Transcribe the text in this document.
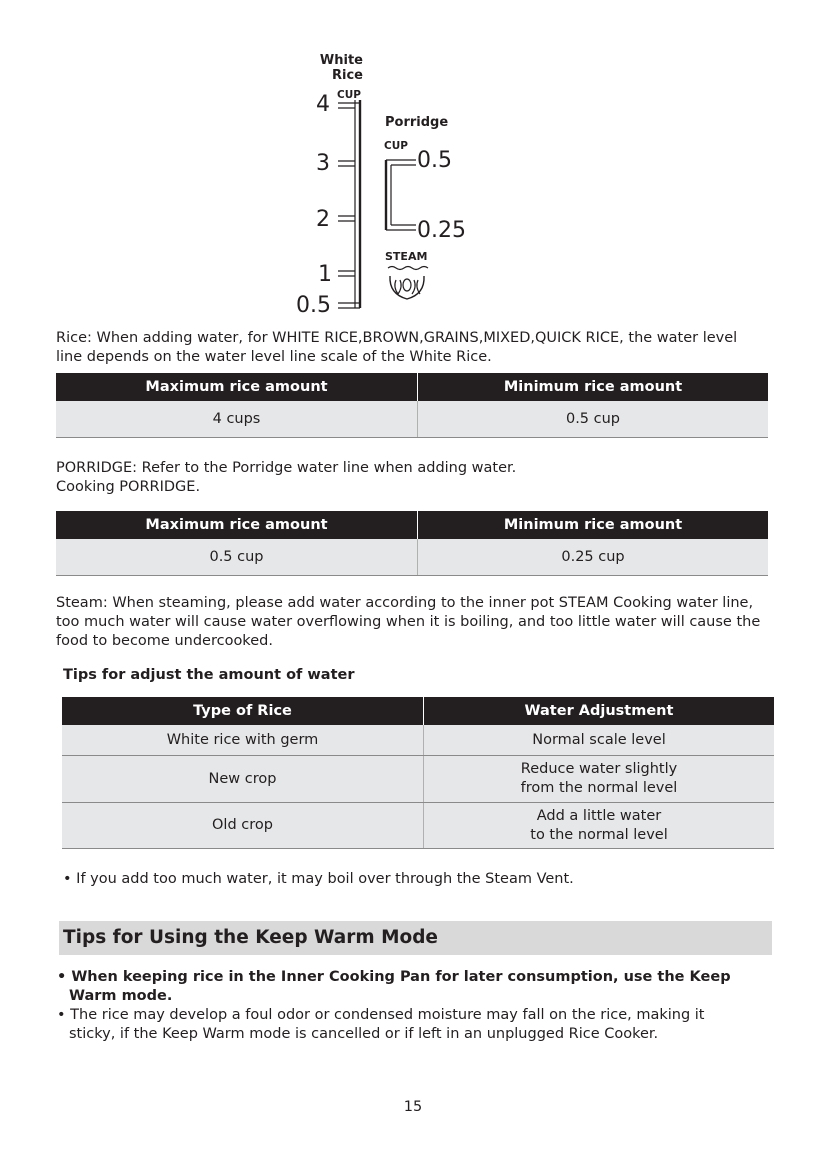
White Rice
CUP
4
3
2
1
0.5
Porridge
CUP
0.5
0.25
STEAM
Rice: When adding water, for WHITE RICE,BROWN,GRAINS,MIXED,QUICK RICE, the water level line depends on the water level line scale of the White Rice.
Maximum rice amount	Minimum rice amount
4 cups	0.5 cup
PORRIDGE: Refer to the Porridge water line when adding water.
Cooking PORRIDGE.
Maximum rice amount	Minimum rice amount
0.5 cup	0.25 cup
Steam: When steaming, please add water according to the inner pot STEAM Cooking water line, too much water will cause water overflowing when it is boiling, and too little water will cause the food to become undercooked.
Tips for adjust the amount of water
Type of Rice	Water Adjustment
White rice with germ	Normal scale level

New crop	Reduce water slightly
from the normal level

Old crop	Add a little water
to the normal level
• If you add too much water, it may boil over through the Steam Vent.
Tips for Using the Keep Warm Mode
• When keeping rice in the Inner Cooking Pan for later consumption, use the Keep
Warm mode.
• The rice may develop a foul odor or condensed moisture may fall on the rice, making it
sticky, if the Keep Warm mode is cancelled or if left in an unplugged Rice Cooker.
15
